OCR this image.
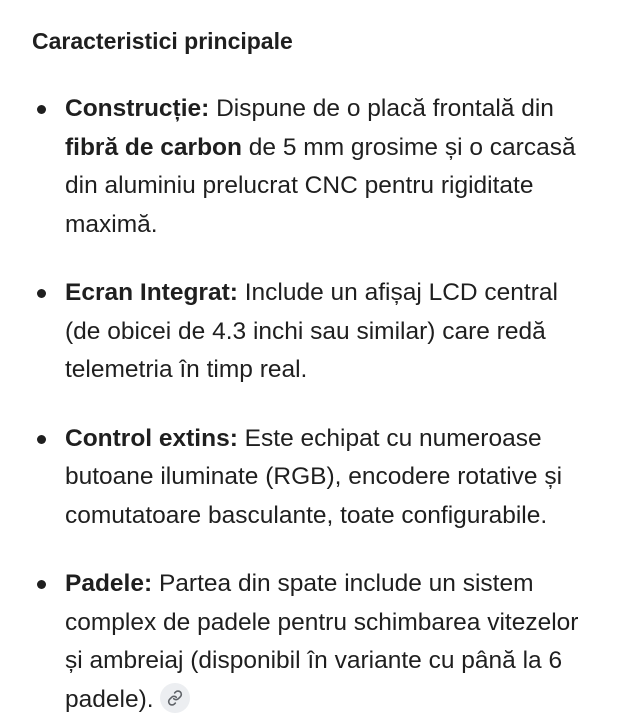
Caracteristici principale
Construcție: Dispune de o placă frontală din fibră de carbon de 5 mm grosime și o carcasă din aluminiu prelucrat CNC pentru rigiditate maximă.
Ecran Integrat: Include un afișaj LCD central (de obicei de 4.3 inchi sau similar) care redă telemetria în timp real.
Control extins: Este echipat cu numeroase butoane iluminate (RGB), encodere rotative și comutatoare basculante, toate configurabile.
Padele: Partea din spate include un sistem complex de padele pentru schimbarea vitezelor și ambreiaj (disponibil în variante cu până la 6 padele).
